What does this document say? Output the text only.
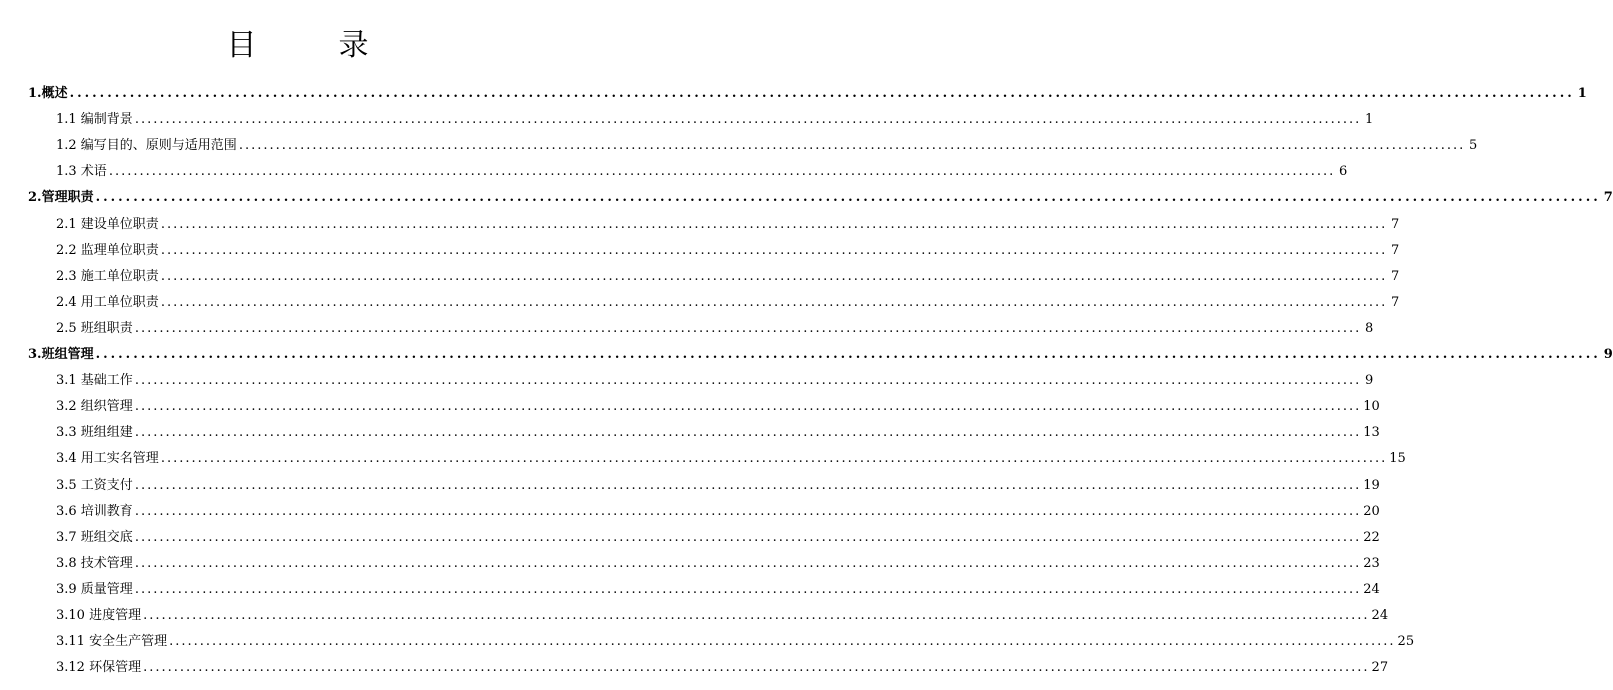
目　录
1.概述 ........................................................................................................................................................................................................ 1
1.1 编制背景 ........................................................................................................................................................................................................ 1
1.2 编写目的、原则与适用范围 ........................................................................................................................................................................................................ 5
1.3 术语 ........................................................................................................................................................................................................ 6
2.管理职责 ........................................................................................................................................................................................................ 7
2.1 建设单位职责 ........................................................................................................................................................................................................ 7
2.2 监理单位职责 ........................................................................................................................................................................................................ 7
2.3 施工单位职责 ........................................................................................................................................................................................................ 7
2.4 用工单位职责 ........................................................................................................................................................................................................ 7
2.5 班组职责 ........................................................................................................................................................................................................ 8
3.班组管理 ........................................................................................................................................................................................................ 9
3.1 基础工作 ........................................................................................................................................................................................................ 9
3.2 组织管理 ........................................................................................................................................................................................................ 10
3.3 班组组建 ........................................................................................................................................................................................................ 13
3.4 用工实名管理 ........................................................................................................................................................................................................ 15
3.5 工资支付 ........................................................................................................................................................................................................ 19
3.6 培训教育 ........................................................................................................................................................................................................ 20
3.7 班组交底 ........................................................................................................................................................................................................ 22
3.8 技术管理 ........................................................................................................................................................................................................ 23
3.9 质量管理 ........................................................................................................................................................................................................ 24
3.10 进度管理 ........................................................................................................................................................................................................ 24
3.11 安全生产管理 ........................................................................................................................................................................................................ 25
3.12 环保管理 ........................................................................................................................................................................................................ 27
